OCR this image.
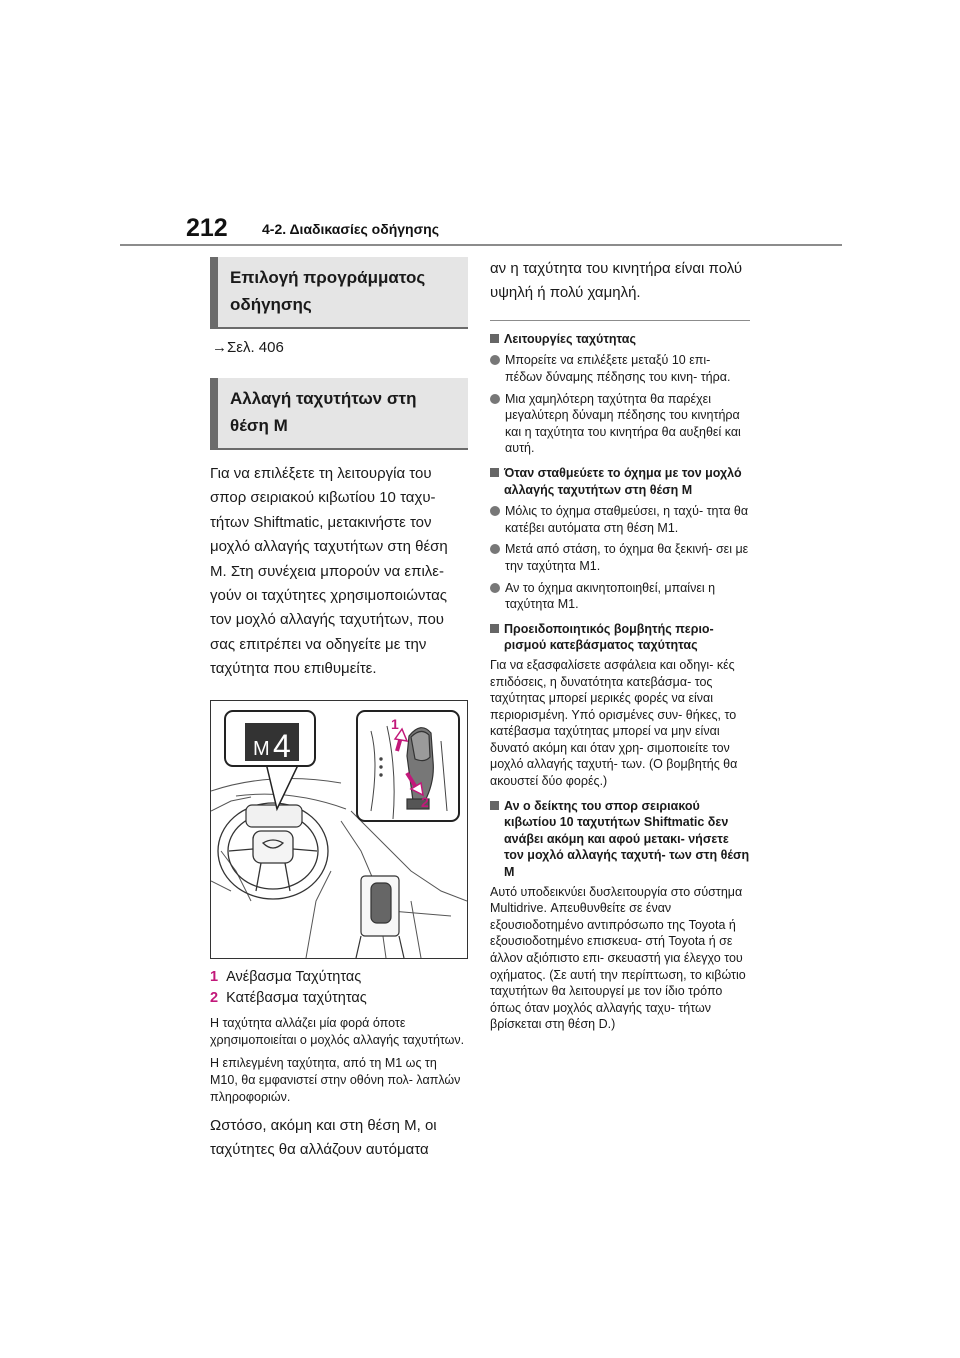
212 4-2. Διαδικασίες οδήγησης
Επιλογή προγράμματος οδήγησης
→Σελ. 406
Αλλαγή ταχυτήτων στη θέση M

Για να επιλέξετε τη λειτουργία του σπορ σειριακού κιβωτίου 10 ταχυ- τήτων Shiftmatic, μετακινήστε τον μοχλό αλλαγής ταχυτήτων στη θέση M. Στη συνέχεια μπορούν να επιλε- γούν οι ταχύτητες χρησιμοποιώντας τον μοχλό αλλαγής ταχυτήτων, που σας επιτρέπει να οδηγείτε με την ταχύτητα που επιθυμείτε.

M 4
1
2
1 Ανέβασμα Ταχύτητας
2 Κατέβασμα ταχύτητας

Η ταχύτητα αλλάζει μία φορά όποτε χρησιμοποιείται ο μοχλός αλλαγής ταχυτήτων.

Η επιλεγμένη ταχύτητα, από τη M1 ως τη M10, θα εμφανιστεί στην οθόνη πολ- λαπλών πληροφοριών.

Ωστόσο, ακόμη και στη θέση M, οι ταχύτητες θα αλλάζουν αυτόματα

αν η ταχύτητα του κινητήρα είναι πολύ υψηλή ή πολύ χαμηλή.

Λειτουργίες ταχύτητας
Μπορείτε να επιλέξετε μεταξύ 10 επι- πέδων δύναμης πέδησης του κινη- τήρα.
Μια χαμηλότερη ταχύτητα θα παρέχει μεγαλύτερη δύναμη πέδησης του κινητήρα και η ταχύτητα του κινητήρα θα αυξηθεί και αυτή.
Όταν σταθμεύετε το όχημα με τον μοχλό αλλαγής ταχυτήτων στη θέση M
Μόλις το όχημα σταθμεύσει, η ταχύ- τητα θα κατέβει αυτόματα στη θέση M1.
Μετά από στάση, το όχημα θα ξεκινή- σει με την ταχύτητα M1.
Αν το όχημα ακινητοποιηθεί, μπαίνει η ταχύτητα M1.
Προειδοποιητικός βομβητής περιο- ρισμού κατεβάσματος ταχύτητας

Για να εξασφαλίσετε ασφάλεια και οδηγι- κές επιδόσεις, η δυνατότητα κατεβάσμα- τος ταχύτητας μπορεί μερικές φορές να είναι περιορισμένη. Υπό ορισμένες συν- θήκες, το κατέβασμα ταχύτητας μπορεί να μην είναι δυνατό ακόμη και όταν χρη- σιμοποιείτε τον μοχλό αλλαγής ταχυτή- των. (Ο βομβητής θα ακουστεί δύο φορές.)

Αν ο δείκτης του σπορ σειριακού κιβωτίου 10 ταχυτήτων Shiftmatic δεν ανάβει ακόμη και αφού μετακι- νήσετε τον μοχλό αλλαγής ταχυτή- των στη θέση M

Αυτό υποδεικνύει δυσλειτουργία στο σύστημα Multidrive. Απευθυνθείτε σε έναν εξουσιοδοτημένο αντιπρόσωπο της Toyota ή εξουσιοδοτημένο επισκευα- στή Toyota ή σε άλλον αξιόπιστο επι- σκευαστή για έλεγχο του οχήματος. (Σε αυτή την περίπτωση, το κιβώτιο ταχυτήτων θα λειτουργεί με τον ίδιο τρόπο όπως όταν μοχλός αλλαγής ταχυ- τήτων βρίσκεται στη θέση D.)
